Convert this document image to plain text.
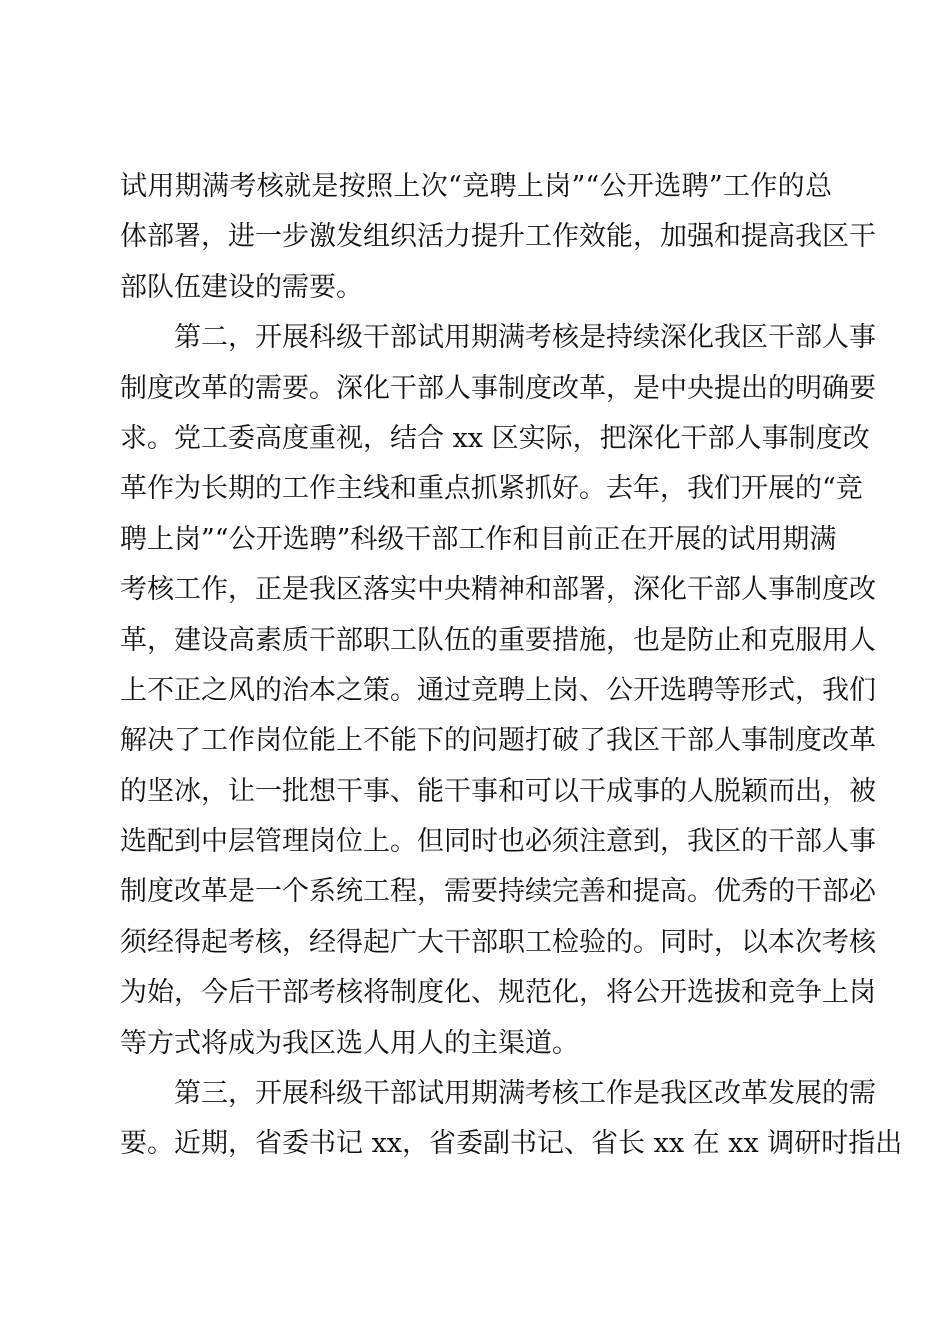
试用期满考核就是按照上次“竞聘上岗”“公开选聘”工作的总
体部署，进一步激发组织活力提升工作效能，加强和提高我区干
部队伍建设的需要。
第二，开展科级干部试用期满考核是持续深化我区干部人事
制度改革的需要。深化干部人事制度改革，是中央提出的明确要
求。党工委高度重视，结合 xx 区实际，把深化干部人事制度改
革作为长期的工作主线和重点抓紧抓好。去年，我们开展的“竞
聘上岗”“公开选聘”科级干部工作和目前正在开展的试用期满
考核工作，正是我区落实中央精神和部署，深化干部人事制度改
革，建设高素质干部职工队伍的重要措施，也是防止和克服用人
上不正之风的治本之策。通过竞聘上岗、公开选聘等形式，我们
解决了工作岗位能上不能下的问题打破了我区干部人事制度改革
的坚冰，让一批想干事、能干事和可以干成事的人脱颖而出，被
选配到中层管理岗位上。但同时也必须注意到，我区的干部人事
制度改革是一个系统工程，需要持续完善和提高。优秀的干部必
须经得起考核，经得起广大干部职工检验的。同时，以本次考核
为始，今后干部考核将制度化、规范化，将公开选拔和竞争上岗
等方式将成为我区选人用人的主渠道。
第三，开展科级干部试用期满考核工作是我区改革发展的需
要。近期，省委书记 xx，省委副书记、省长 xx 在 xx 调研时指出
